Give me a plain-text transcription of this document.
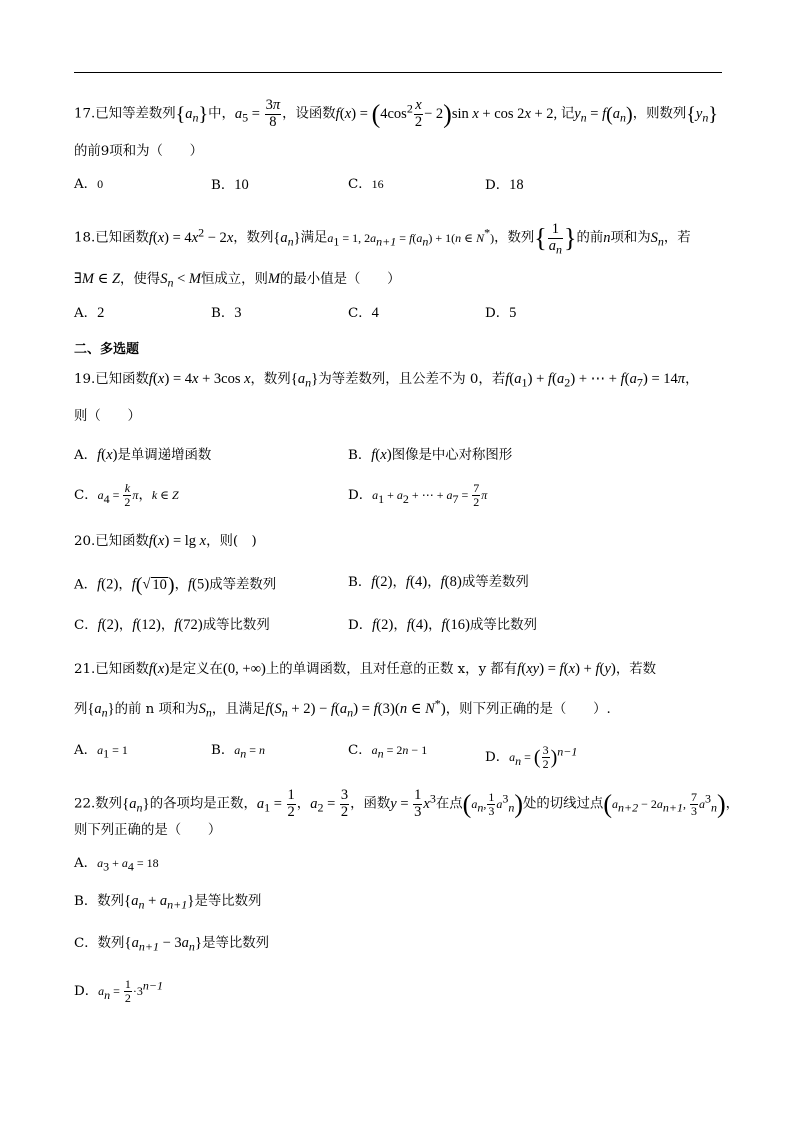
17.已知等差数列$\{a_n\}$中，$a_5 = \frac{3\pi}{8}$ ，设函数$f(x) = (4\cos^2 \frac{x}{2} - 2)\sin$ x + cos 2x + 2, 记$y_n = f(a_n)$，则数列$\{y_n\}$
的前9项和为（　　）
A．0	B．10	C．16	D．18
18.已知函数$f(x) = 4x^2 - 2x$，数列$\{a_n\}$满足$a_1 = 1$, $2a_{n+1} = f(a_n) + 1(n$ ∈ N*)，数列{ $\frac{1}{a_n}$ }的前n项和为$S_n$，若
∃M ∈ Z，使得$S_n < M$恒成立，则M的最小值是（　　）
A．2	B．3	C．4	D．5
二、多选题
19.已知函数f(x) = 4x + 3cos x，数列$\{a_n\}$为等差数列，且公差不为 0，若$f(a_1) + f(a_2)$ + ⋯ + $f(a_7) = 14\pi$，
则（　　）
A．f(x)是单调递增函数	B．f(x)图像是中心对称图形
C．$a_4 = \frac{k}{2}$ π，k ∈ Z	D．$a_1 + a_2$ + ⋯ + $a_7 = \frac{7}{2}$ π
20.已知函数f(x) = lg x，则(　)
A．f(2)，f(√ 10)，f(5)成等差数列	B．f(2)，f(4)，f(8)成等差数列
C．f(2)，f(12)，f(72)成等比数列	D．f(2)，f(4)，f(16)成等比数列
21.已知函数f(x)是定义在(0, +∞)上的单调函数，且对任意的正数 x，y 都有f(xy) = f(x) + f(y)，若数
列$\{a_n\}$的前 n 项和为$S_n$，且满足$f(S_n + 2) - f(a_n) = f(3)(n$ ∈ N*)，则下列正确的是（　　）.
A．$a_1 = 1$	B．$a_n = n$	C．$a_n = 2n - 1$
D．$a_n$ = ( $\frac{3}{2} )^{n-1}$
22.数列$\{a_n\}$的各项均是正数，$a_1 = \frac{1}{2}$ ，$a_2 = \frac{3}{2}$ ，函数$y = \frac{1}{3} x^3$在点($a_n$, $\frac{1}{3} a^3_n$)处的切线过点($a_{n+2} - 2a_{n+1}$, $\frac{7}{3} a^3_n$)，
则下列正确的是（　　）
A．$a_3 + a_4 = 18$
B．数列$\{a_n + a_{n+1}\}$是等比数列
C．数列$\{a_{n+1} - 3a_n\}$是等比数列
D．$a_n = \frac{1}{2} \cdot 3^{n-1}$
